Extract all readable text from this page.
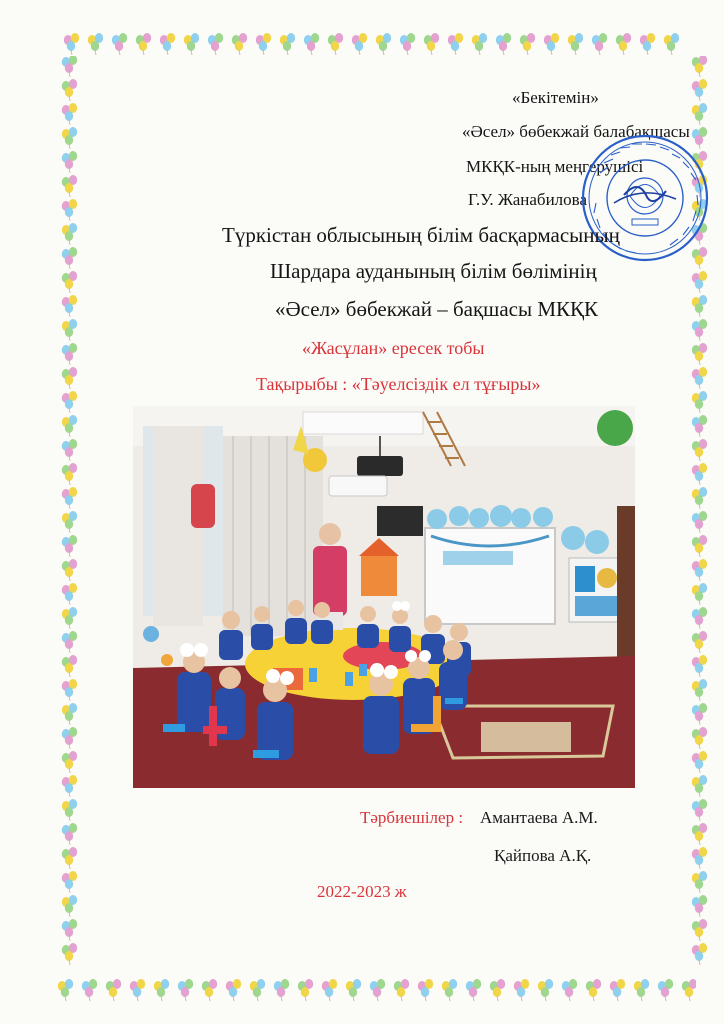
«Бекітемін»
«Әсел» бөбекжай балабақшасы
МКҚК-ның меңгерушісі
Г.У. Жанабилова
Түркістан облысының білім басқармасының
Шардара ауданының білім бөлімінің
«Әсел» бөбекжай – бақшасы МКҚК
«Жасұлан» ересек тобы
Тақырыбы : «Тәуелсіздік ел тұғыры»
Тәрбиешілер : Амантаева А.М.
Қайпова А.Қ.
2022-2023 ж
